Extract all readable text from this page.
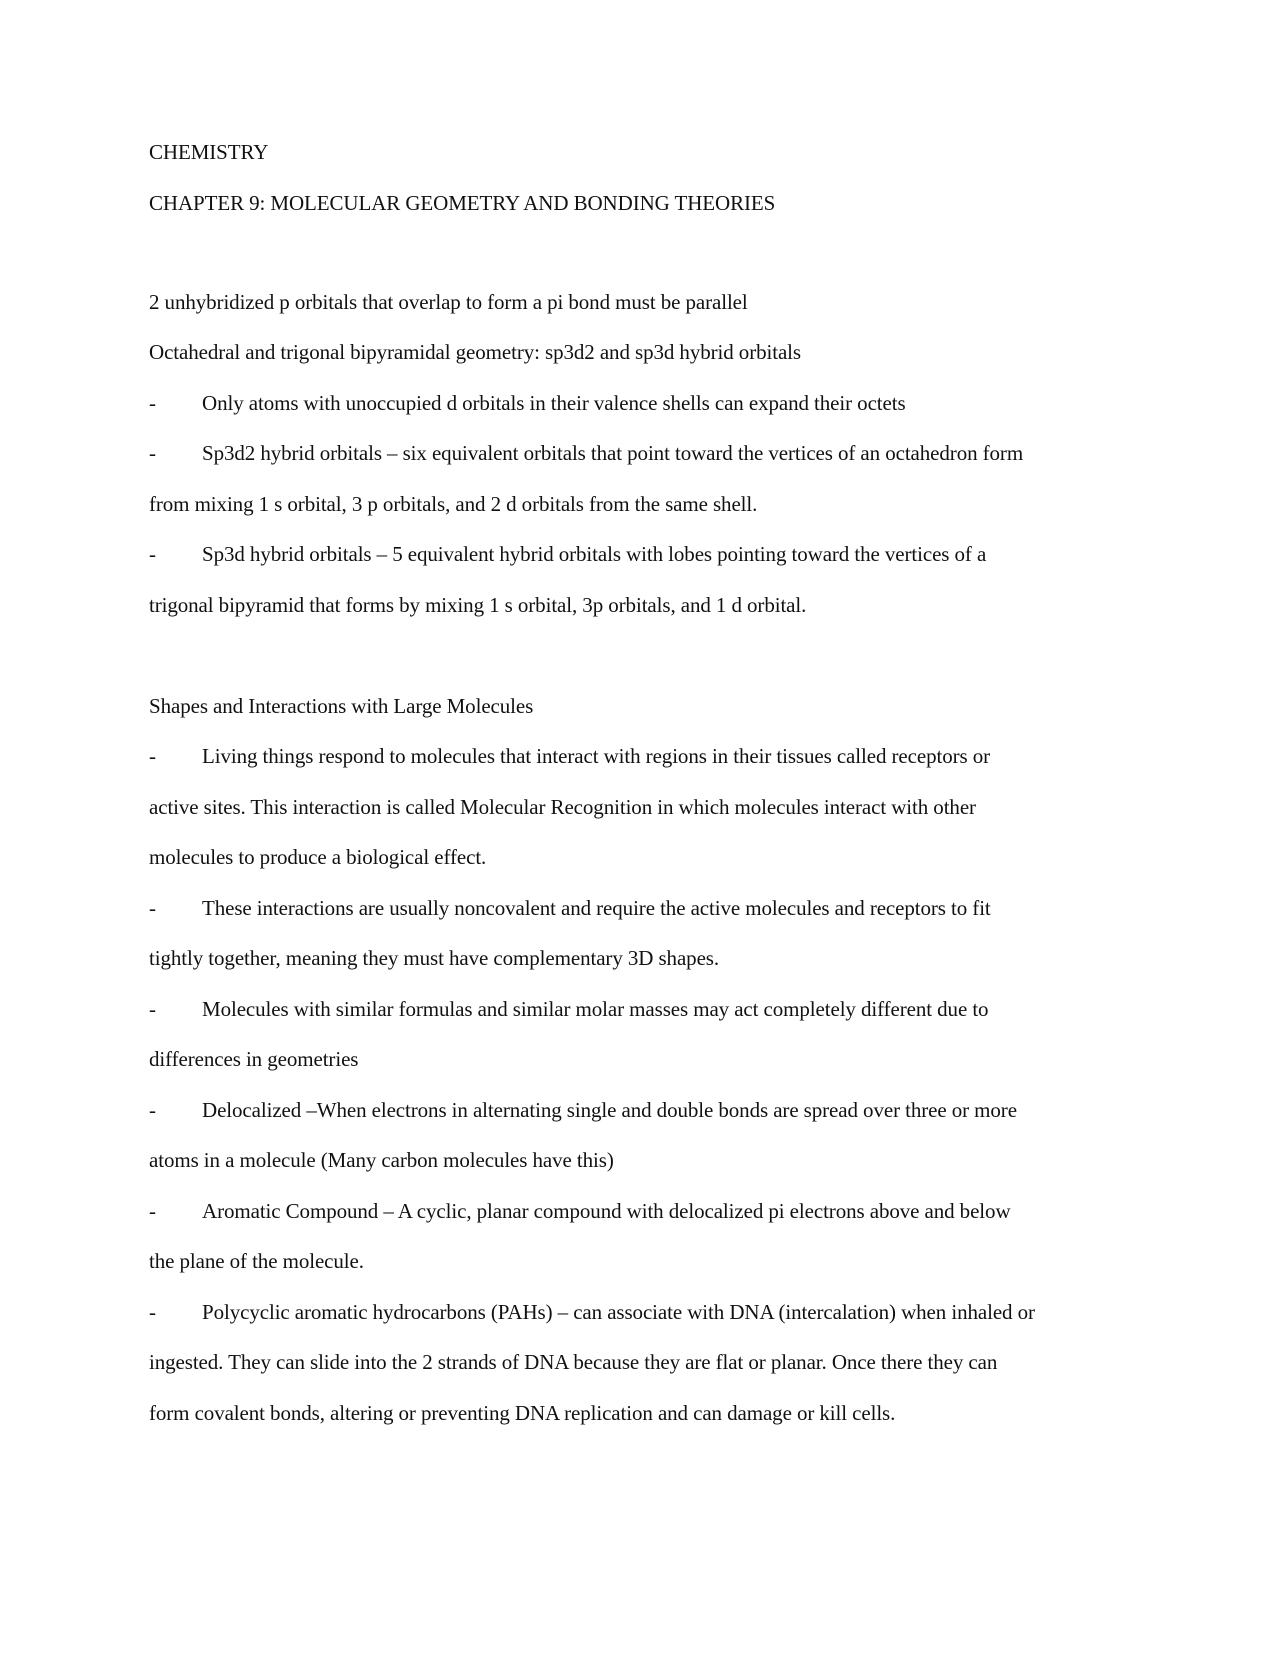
CHEMISTRY
CHAPTER 9: MOLECULAR GEOMETRY AND BONDING THEORIES
2 unhybridized p orbitals that overlap to form a pi bond must be parallel
Octahedral and trigonal bipyramidal geometry: sp3d2 and sp3d hybrid orbitals
- Only atoms with unoccupied d orbitals in their valence shells can expand their octets
- Sp3d2 hybrid orbitals – six equivalent orbitals that point toward the vertices of an octahedron form
from mixing 1 s orbital, 3 p orbitals, and 2 d orbitals from the same shell.
- Sp3d hybrid orbitals – 5 equivalent hybrid orbitals with lobes pointing toward the vertices of a
trigonal bipyramid that forms by mixing 1 s orbital, 3p orbitals, and 1 d orbital.
Shapes and Interactions with Large Molecules
- Living things respond to molecules that interact with regions in their tissues called receptors or
active sites. This interaction is called Molecular Recognition in which molecules interact with other
molecules to produce a biological effect.
- These interactions are usually noncovalent and require the active molecules and receptors to fit
tightly together, meaning they must have complementary 3D shapes.
- Molecules with similar formulas and similar molar masses may act completely different due to
differences in geometries
- Delocalized –When electrons in alternating single and double bonds are spread over three or more
atoms in a molecule (Many carbon molecules have this)
- Aromatic Compound – A cyclic, planar compound with delocalized pi electrons above and below
the plane of the molecule.
- Polycyclic aromatic hydrocarbons (PAHs) – can associate with DNA (intercalation) when inhaled or
ingested. They can slide into the 2 strands of DNA because they are flat or planar. Once there they can
form covalent bonds, altering or preventing DNA replication and can damage or kill cells.
